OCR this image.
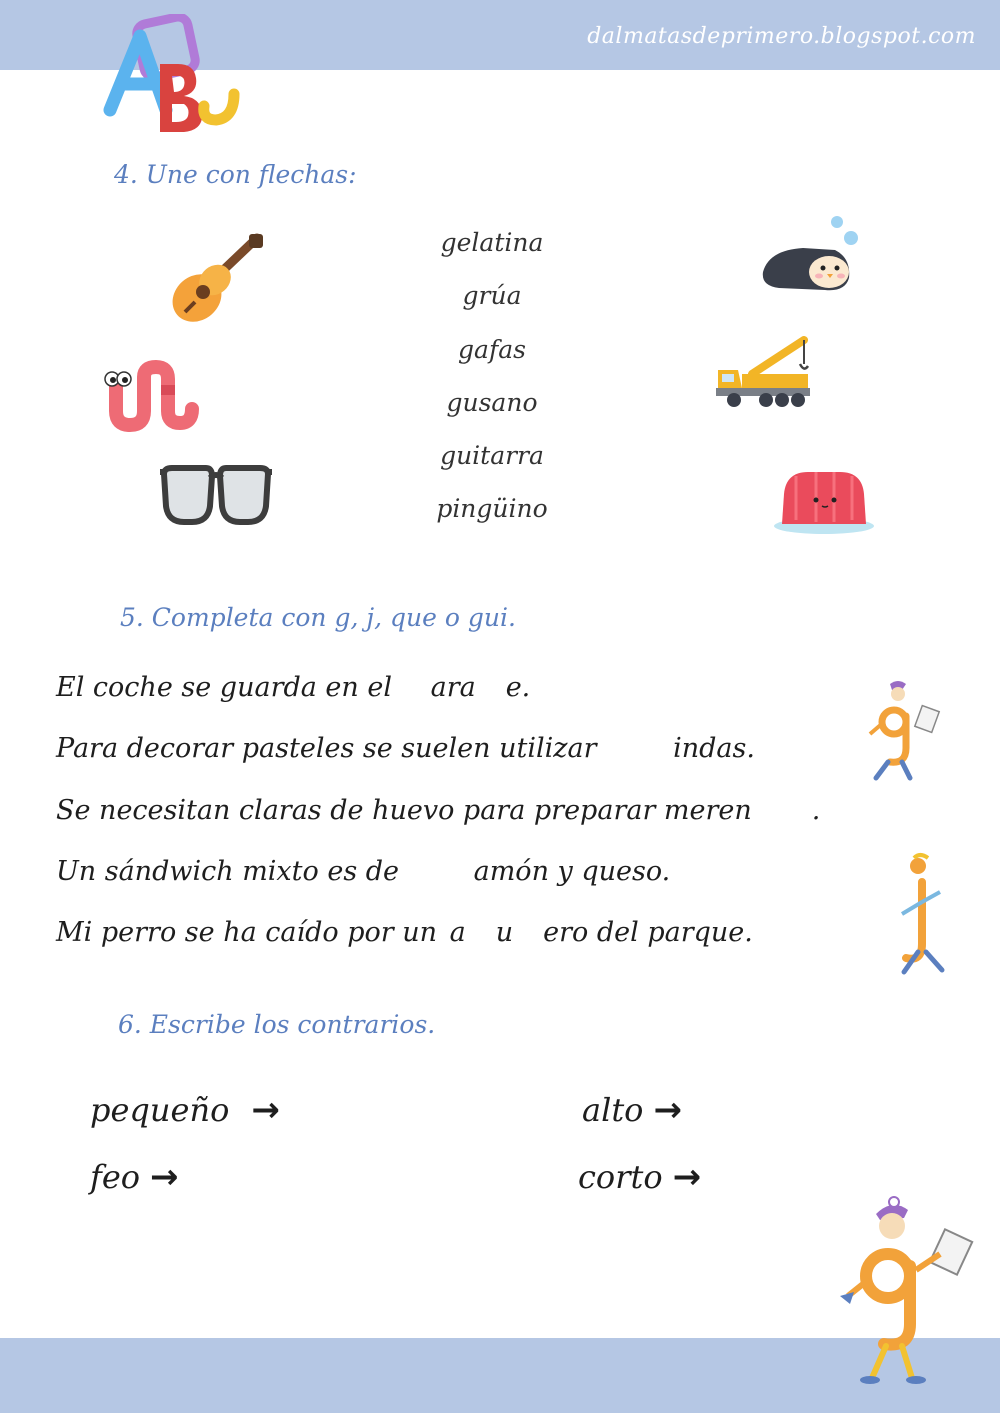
dalmatasdeprimero.blogspot.com
4. Une con flechas:
gelatina
grúa
gafas
gusano
guitarra
pingüino
5. Completa con g, j, que o gui.
El coche se guarda en el ara e.
Para decorar pasteles se suelen utilizar	indas.
Se necesitan claras de huevo para preparar meren .
Un sándwich mixto es de amón y queso.
Mi perro se ha caído por un a u ero del parque.
6. Escribe los contrarios.
pequeño →	alto →
feo →	corto →
